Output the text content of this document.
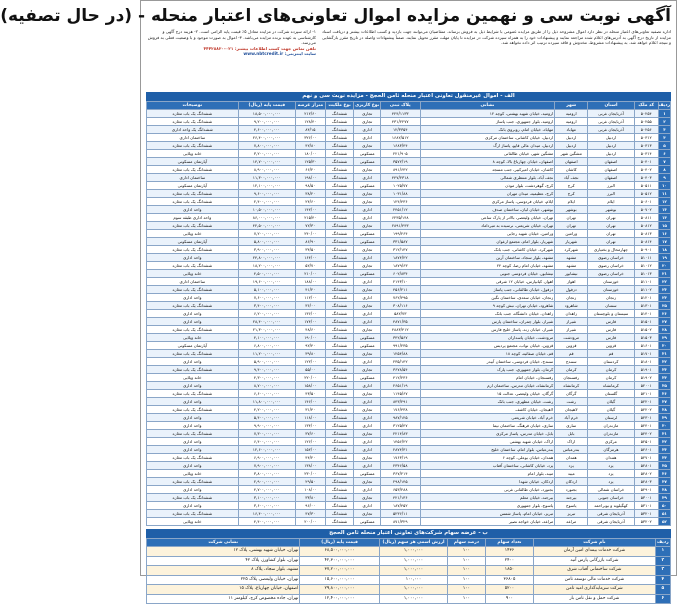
آگهی نوبت سی و نهمین مزایده اموال تعاونی‌های اعتبار منحله - (در حال تصفیه)
اداره تصفیه تعاونی‌های اعتبار منحله در نظر دارد اموال مشروحه ذیل را از طریق مزایده عمومی با شرایط ذیل به فروش برساند. متقاضیان می‌توانند جهت بازدید و کسب اطلاعات بیشتر و دریافت اسناد مزایده از تاریخ درج آگهی به آدرس‌های اعلام شده مراجعه نمایند و پیشنهادات خود را به همراه سپرده شرکت در مزایده تا پایان مهلت مقرر تحویل نمایند. ضمناً پیشنهادات واصله در تاریخ مقرر بازگشایی و نتیجه اعلام خواهد شد. به پیشنهادات مشروط، مخدوش و فاقد سپرده ترتیب اثر داده نخواهد شد.
۱- ارائه سپرده شرکت در مزایده معادل ۵٪ قیمت پایه الزامی است. ۲- هزینه درج آگهی و کارشناسی به عهده برنده مزایده می‌باشد. ۳- اموال به صورت موجود و با وضعیت فعلی به فروش می‌رسد.
تلفن تماس جهت کسب اطلاعات بیشتر: ۰۲۱-۴۴۴۲۸۸۳۰
سایت اینترنتی: www.nbtcredit.ir
الف - اموال غیرمنقول تعاونی اعتبار منحله ثامن الحجج - مزایده نوبت سی و نهم
ردیف	کد ملک	استان	شهر	نشانی	پلاک ثبتی	نوع کاربری	نوع ملکیت	متراژ عرصه	قیمت پایه (ریال)	توضیحات
۱	۵۰۲۵۴	آذربایجان غربی	ارومیه	ارومیه، خیابان شهید بهشتی، کوچه ۱۲	۴۲۴/۱۱۳۳	تجاری	ششدانگ	۲۱۲/۶۰	۱۸,۵۰۰,۰۰۰,۰۰۰	ششدانگ یک باب مغازه
۲	۵۰۲۵۵	آذربایجان غربی	ارومیه	ارومیه، بلوار جمهوری، جنب پاساژ	۴۳۱/۲۲۷۷	تجاری	ششدانگ	۱۲۸/۴۰	۹,۲۰۰,۰۰۰,۰۰۰	ششدانگ یک باب مغازه
۳	۵۰۲۵۶	آذربایجان غربی	مهاباد	مهاباد، خیابان امام، روبروی بانک	۱۲/۳۳۵۴	اداری	ششدانگ	۸۴/۱۵	۴,۶۰۰,۰۰۰,۰۰۰	ششدانگ یک واحد اداری
۴	۵۰۳۱۲	اردبیل	اردبیل	اردبیل، خیابان کاشانی، ساختمان مرکزی	۱۶۸۲/۵۱۲	اداری	ششدانگ	۳۲۶/۰۰	۲۶,۴۰۰,۰۰۰,۰۰۰	ساختمان اداری
۵	۵۰۳۱۳	اردبیل	اردبیل	اردبیل، میدان عالی قاپو، پاساژ ارگ	۱۶۸۳/۴۴	تجاری	ششدانگ	۴۲/۸۰	۷,۸۰۰,۰۰۰,۰۰۰	ششدانگ یک باب مغازه
۶	۵۰۳۱۴	اردبیل	مشگین شهر	مشگین شهر، خیابان طالقانی	۲۲۱/۹۰۵	مسکونی	ششدانگ	۱۸۰/۰۰	۳,۲۰۰,۰۰۰,۰۰۰	خانه ویلایی
۷	۵۰۴۰۱	اصفهان	اصفهان	اصفهان، خیابان چهارباغ بالا، کوچه ۸	۳۵۷۲/۱۹	مسکونی	ششدانگ	۱۲۵/۳۰	۱۴,۷۰۰,۰۰۰,۰۰۰	آپارتمان مسکونی
۸	۵۰۴۰۲	اصفهان	کاشان	کاشان، خیابان امیرکبیر، جنب مسجد	۸۹۱/۶۴۲	تجاری	ششدانگ	۶۶/۲۰	۸,۹۰۰,۰۰۰,۰۰۰	ششدانگ یک باب مغازه
۹	۵۰۴۰۳	اصفهان	نجف آباد	نجف آباد، بلوار منتظری شمالی	۴۴۷/۲۳۱۸	اداری	ششدانگ	۱۹۸/۰۰	۱۱,۳۰۰,۰۰۰,۰۰۰	ساختمان اداری
۱۰	۵۰۵۱۱	البرز	کرج	کرج، گوهردشت، بلوار موذن	۱۰۲۵/۷۷	مسکونی	ششدانگ	۹۸/۵۰	۱۲,۱۰۰,۰۰۰,۰۰۰	آپارتمان مسکونی
۱۱	۵۰۵۱۲	البرز	کرج	کرج، عظیمیه، میدان مهران	۱۰۳۱/۸۸	تجاری	ششدانگ	۳۸/۲۰	۹,۶۰۰,۰۰۰,۰۰۰	ششدانگ یک باب مغازه
۱۲	۵۰۶۰۱	ایلام	ایلام	ایلام، خیابان فردوسی، پاساژ مرکزی	۱۲۴/۴۳۶	تجاری	ششدانگ	۲۴/۶۰	۲,۴۰۰,۰۰۰,۰۰۰	ششدانگ یک باب مغازه
۱۳	۵۰۷۰۲	بوشهر	بوشهر	بوشهر، خیابان لیان، ساختمان صدف	۲۴۵۱/۱۲	اداری	ششدانگ	۱۴۲/۰۰	۱۰,۵۰۰,۰۰۰,۰۰۰	واحد اداری
۱۴	۵۰۸۱۱	تهران	تهران	تهران، خیابان ولیعصر، بالاتر از پارک ساعی	۶۲۳۵/۱۴۸	اداری	ششدانگ	۲۱۵/۴۰	۸۶,۰۰۰,۰۰۰,۰۰۰	واحد اداری طبقه سوم
۱۵	۵۰۸۱۲	تهران	تهران	تهران، خیابان شریعتی، نرسیده به میرداماد	۲۸۹۱/۴۴۳	تجاری	ششدانگ	۷۲/۳۰	۴۲,۵۰۰,۰۰۰,۰۰۰	ششدانگ یک باب مغازه
۱۶	۵۰۸۱۳	تهران	ورامین	ورامین، خیابان شهید رجایی	۱۹۹/۲۶۴	مسکونی	ششدانگ	۲۴۰/۰۰	۷,۲۰۰,۰۰۰,۰۰۰	خانه ویلایی
۱۷	۵۰۸۱۴	تهران	شهریار	شهریار، بلوار امام، مجتمع ارغوان	۳۳۱/۵۸۷	مسکونی	ششدانگ	۸۶/۹۰	۵,۸۰۰,۰۰۰,۰۰۰	آپارتمان مسکونی
۱۸	۵۰۹۰۱	چهارمحال و بختیاری	شهرکرد	شهرکرد، خیابان کاشانی، جنب بانک	۳۱۲/۱۴۷	تجاری	ششدانگ	۳۴/۵۰	۳,۹۰۰,۰۰۰,۰۰۰	ششدانگ یک باب مغازه
۱۹	۵۱۰۱۱	خراسان رضوی	مشهد	مشهد، بلوار سجاد، ساختمان آرین	۱۸۷۴/۲۲	اداری	ششدانگ	۱۶۴/۰۰	۲۴,۸۰۰,۰۰۰,۰۰۰	واحد اداری
۲۰	۵۱۰۱۲	خراسان رضوی	مشهد	مشهد، خیابان امام رضا، کوچه ۲۴	۱۸۷۹/۶۳	تجاری	ششدانگ	۵۲/۷۰	۱۸,۲۰۰,۰۰۰,۰۰۰	ششدانگ یک باب مغازه
۲۱	۵۱۰۱۳	خراسان رضوی	نیشابور	نیشابور، خیابان فردوسی جنوبی	۶۰۲/۸۳۴	مسکونی	ششدانگ	۲۱۰/۰۰	۴,۵۰۰,۰۰۰,۰۰۰	خانه ویلایی
۲۲	۵۱۱۰۱	خوزستان	اهواز	اهواز، کیانپارس، خیابان ۱۲ شرقی	۲۱۴۳/۱۰	اداری	ششدانگ	۱۸۸/۰۰	۱۹,۶۰۰,۰۰۰,۰۰۰	ساختمان اداری
۲۳	۵۱۱۰۲	خوزستان	دزفول	دزفول، خیابان طالقانی، جنب پاساژ	۴۵۶/۲۱۱	تجاری	ششدانگ	۴۱/۲۰	۵,۱۰۰,۰۰۰,۰۰۰	ششدانگ یک باب مغازه
۲۴	۵۱۲۰۱	زنجان	زنجان	زنجان، خیابان سعدی، ساختمان نگین	۷۶۲/۴۹۵	اداری	ششدانگ	۱۱۲/۰۰	۷,۶۰۰,۰۰۰,۰۰۰	واحد اداری
۲۵	۵۱۳۰۱	سمنان	شاهرود	شاهرود، خیابان تهران، نبش کوچه ۹	۳۰۸/۱۱۶	تجاری	ششدانگ	۳۶/۰۰	۳,۴۰۰,۰۰۰,۰۰۰	ششدانگ یک باب مغازه
۲۶	۵۱۴۰۱	سیستان و بلوچستان	زاهدان	زاهدان، خیابان دانشگاه، جنب بانک	۵۸۲/۷۳	اداری	ششدانگ	۱۳۶/۰۰	۶,۲۰۰,۰۰۰,۰۰۰	واحد اداری
۲۷	۵۱۵۰۱	فارس	شیراز	شیراز، بلوار چمران، ساختمان پارس	۴۸۷۱/۳۵	اداری	ششدانگ	۱۷۴/۰۰	۲۸,۴۰۰,۰۰۰,۰۰۰	واحد اداری
۲۸	۵۱۵۰۲	فارس	شیراز	شیراز، خیابان زند، پاساژ خلیج فارس	۴۸۸۳/۴۱۲	تجاری	ششدانگ	۴۸/۶۰	۲۱,۳۰۰,۰۰۰,۰۰۰	ششدانگ یک باب مغازه
۲۹	۵۱۵۰۳	فارس	مرودشت	مرودشت، خیابان پاسداران	۳۴۲/۵۶۷	مسکونی	ششدانگ	۱۹۰/۰۰	۴,۱۰۰,۰۰۰,۰۰۰	خانه ویلایی
۳۰	۵۱۶۰۱	قزوین	قزوین	قزوین، خیابان نواب، مجتمع پردیس	۹۹۱/۲۳۵	مسکونی	ششدانگ	۹۲/۴۰	۶,۸۰۰,۰۰۰,۰۰۰	آپارتمان مسکونی
۳۱	۵۱۷۰۱	قم	قم	قم، خیابان صفائیه، کوچه ۱۸	۱۲۵۴/۸۸	تجاری	ششدانگ	۳۹/۸۰	۱۱,۲۰۰,۰۰۰,۰۰۰	ششدانگ یک باب مغازه
۳۲	۵۱۸۰۱	کردستان	سنندج	سنندج، خیابان فردوسی، ساختمان آبیدر	۲۳۵/۱۴۲	اداری	ششدانگ	۱۲۲/۰۰	۵,۹۰۰,۰۰۰,۰۰۰	واحد اداری
۳۳	۵۱۹۰۱	کرمان	کرمان	کرمان، بلوار جمهوری، جنب پارک	۳۶۷۸/۵۴	تجاری	ششدانگ	۵۵/۰۰	۹,۴۰۰,۰۰۰,۰۰۰	ششدانگ یک باب مغازه
۳۴	۵۱۹۰۲	کرمان	رفسنجان	رفسنجان، خیابان امام	۴۱۲/۲۳۶	مسکونی	ششدانگ	۲۲۰/۰۰	۴,۳۰۰,۰۰۰,۰۰۰	خانه ویلایی
۳۵	۵۲۰۰۱	کرمانشاه	کرمانشاه	کرمانشاه، خیابان مدرس، ساختمان ارم	۲۶۵۱/۱۹	اداری	ششدانگ	۱۵۸/۰۰	۸,۷۰۰,۰۰۰,۰۰۰	واحد اداری
۳۶	۵۲۱۰۱	گلستان	گرگان	گرگان، خیابان ولیعصر، عدالت ۱۵	۱۱۴۵/۶۷	تجاری	ششدانگ	۴۳/۵۰	۶,۶۰۰,۰۰۰,۰۰۰	ششدانگ یک باب مغازه
۳۷	۵۲۲۰۱	گیلان	رشت	رشت، خیابان مطهری، جنب بانک	۸۴۳/۲۹۱	اداری	ششدانگ	۱۴۶/۰۰	۱۱,۸۰۰,۰۰۰,۰۰۰	واحد اداری
۳۸	۵۲۲۰۲	گیلان	لاهیجان	لاهیجان، خیابان کاشف	۱۷۶/۴۳۸	تجاری	ششدانگ	۳۱/۴۰	۴,۲۰۰,۰۰۰,۰۰۰	ششدانگ یک باب مغازه
۳۹	۵۲۳۰۱	لرستان	خرم آباد	خرم آباد، خیابان شریعتی	۹۸۷/۱۲۵	اداری	ششدانگ	۱۱۸/۰۰	۵,۴۰۰,۰۰۰,۰۰۰	واحد اداری
۴۰	۵۲۴۰۱	مازندران	ساری	ساری، خیابان فرهنگ، ساختمان نیما	۳۱۲۵/۴۷	اداری	ششدانگ	۱۳۴/۰۰	۹,۹۰۰,۰۰۰,۰۰۰	واحد اداری
۴۱	۵۲۴۰۲	مازندران	بابل	بابل، خیابان مدرس، پاساژ مرکزی	۲۲۱۴/۸۳	تجاری	ششدانگ	۳۷/۶۰	۷,۳۰۰,۰۰۰,۰۰۰	ششدانگ یک باب مغازه
۴۲	۵۲۵۰۱	مرکزی	اراک	اراک، خیابان شهید بهشتی	۱۴۵۶/۲۲	اداری	ششدانگ	۱۲۶/۰۰	۶,۴۰۰,۰۰۰,۰۰۰	واحد اداری
۴۳	۵۲۶۰۱	هرمزگان	بندرعباس	بندرعباس، بلوار امام، ساختمان خلیج	۲۸۷۴/۳۱	اداری	ششدانگ	۱۵۲/۰۰	۱۲,۶۰۰,۰۰۰,۰۰۰	واحد اداری
۴۴	۵۲۷۰۱	همدان	همدان	همدان، خیابان بوعلی، کوچه ۶	۱۷۶۳/۱۹	تجاری	ششدانگ	۴۴/۲۰	۶,۹۰۰,۰۰۰,۰۰۰	ششدانگ یک باب مغازه
۴۵	۵۲۸۰۱	یزد	یزد	یزد، خیابان کاشانی، ساختمان آفتاب	۲۳۴۶/۵۸	اداری	ششدانگ	۱۳۸/۰۰	۷,۹۰۰,۰۰۰,۰۰۰	واحد اداری
۴۶	۵۲۸۰۲	یزد	میبد	میبد، بلوار امام	۳۶۷/۲۱۴	مسکونی	ششدانگ	۲۳۰/۰۰	۳,۸۰۰,۰۰۰,۰۰۰	خانه ویلایی
۴۷	۵۲۸۰۳	یزد	اردکان	اردکان، خیابان شهدا	۲۹۸/۱۴۵	تجاری	ششدانگ	۲۹/۵۰	۲,۹۰۰,۰۰۰,۰۰۰	ششدانگ یک باب مغازه
۴۸	۵۲۹۰۱	خراسان شمالی	بجنورد	بجنورد، خیابان طالقانی غربی	۶۵۳/۲۸۸	اداری	ششدانگ	۱۰۸/۰۰	۴,۷۰۰,۰۰۰,۰۰۰	واحد اداری
۴۹	۵۳۰۰۱	خراسان جنوبی	بیرجند	بیرجند، خیابان معلم	۴۲۱/۱۳۶	تجاری	ششدانگ	۳۳/۸۰	۳,۱۰۰,۰۰۰,۰۰۰	ششدانگ یک باب مغازه
۵۰	۵۳۱۰۱	کهگیلویه و بویراحمد	یاسوج	یاسوج، بلوار جمهوری	۱۸۷/۴۵۲	اداری	ششدانگ	۹۶/۰۰	۳,۶۰۰,۰۰۰,۰۰۰	واحد اداری
۵۱	۵۳۲۰۱	آذربایجان شرقی	تبریز	تبریز، خیابان امام، پاساژ شمس	۵۲۳۶/۱۱	تجاری	ششدانگ	۴۷/۳۰	۱۶,۴۰۰,۰۰۰,۰۰۰	ششدانگ یک باب مغازه
۵۲	۵۳۲۰۲	آذربایجان شرقی	مراغه	مراغه، خیابان خواجه نصیر	۸۷۱/۳۲۹	مسکونی	ششدانگ	۲۰۰/۰۰	۴,۴۰۰,۰۰۰,۰۰۰	خانه ویلایی
ب - عرضه سهام شرکت‌های تعاونی اعتبار منحله ثامن الحجج
ردیف	نام شرکت	تعداد سهام	درصد سهام	ارزش اسمی هر سهم (ریال)	قیمت پایه (ریال)	نشانی شرکت
۱	شرکت خدمات بیمه‌ای امین آرمان	۱۴۳۶	۱۰۰	۱,۰۰۰,۰۰۰	۶۸,۵۰۰,۰۰۰,۰۰۰	تهران، خیابان شهید بهشتی، پلاک ۱۲
۲	شرکت بازرگانی پارس آتیه	۲۴۰۰	۱۰۰	۱,۰۰۰,۰۰۰	۴۲,۳۰۰,۰۰۰,۰۰۰	تهران، بلوار کشاورز، پلاک ۴۲
۳	شرکت ساختمانی آفتاب شرق	۱۸۵۰	۱۰۰	۱,۰۰۰,۰۰۰	۳۷,۲۰۰,۰۰۰,۰۰۰	مشهد، بلوار سجاد، پلاک ۸
۴	شرکت خدمات مالی توسعه ثامن	۳۶۸۰۵	۱۰۰	۱۰۰,۰۰۰	۱۵,۶۰۰,۰۰۰,۰۰۰	تهران، خیابان ولیعصر، پلاک ۲۲۵
۵	شرکت سرمایه‌گذاری امید ثامن	۵۲۰۰	۱۰۰	۱,۰۰۰,۰۰۰	۲۹,۸۰۰,۰۰۰,۰۰۰	اصفهان، خیابان چهارباغ، پلاک ۱۵
۶	شرکت حمل و نقل ثامن بار	۹۰۰	۱۰۰	۱,۰۰۰,۰۰۰	۱۲,۴۰۰,۰۰۰,۰۰۰	تهران، جاده مخصوص کرج، کیلومتر ۱۱
